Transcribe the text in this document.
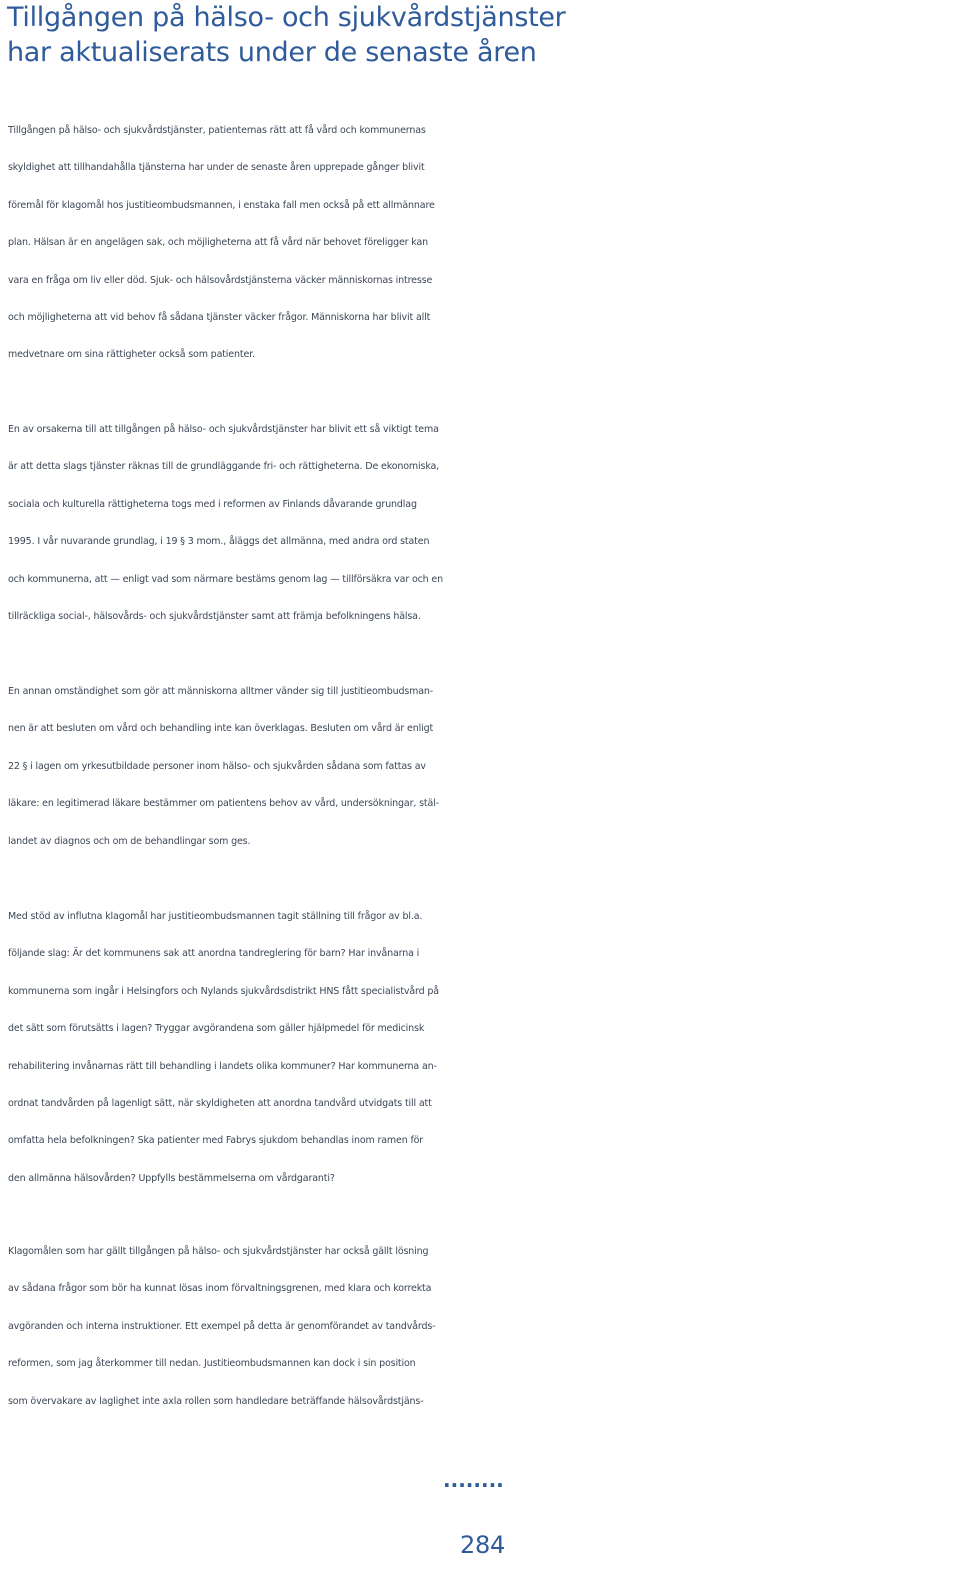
Tillgången på hälso- och sjukvårdstjänster
har aktualiserats under de senaste åren

Tillgången på hälso- och sjukvårdstjänster, patienternas rätt att få vård och kommunernas
skyldighet att tillhandahålla tjänsterna har under de senaste åren upprepade gånger blivit
föremål för klagomål hos justitieombudsmannen, i enstaka fall men också på ett allmännare
plan. Hälsan är en angelägen sak, och möjligheterna att få vård när behovet föreligger kan
vara en fråga om liv eller död. Sjuk- och hälsovårdstjänsterna väcker människornas intresse
och möjligheterna att vid behov få sådana tjänster väcker frågor. Människorna har blivit allt
medvetnare om sina rättigheter också som patienter.

En av orsakerna till att tillgången på hälso- och sjukvårdstjänster har blivit ett så viktigt tema
är att detta slags tjänster räknas till de grundläggande fri- och rättigheterna. De ekonomiska,
sociala och kulturella rättigheterna togs med i reformen av Finlands dåvarande grundlag
1995. I vår nuvarande grundlag, i 19 § 3 mom., åläggs det allmänna, med andra ord staten
och kommunerna, att — enligt vad som närmare bestäms genom lag — tillförsäkra var och en
tillräckliga social-, hälsovårds- och sjukvårdstjänster samt att främja befolkningens hälsa.

En annan omständighet som gör att människorna alltmer vänder sig till justitieombudsman-
nen är att besluten om vård och behandling inte kan överklagas. Besluten om vård är enligt
22 § i lagen om yrkesutbildade personer inom hälso- och sjukvården sådana som fattas av
läkare: en legitimerad läkare bestämmer om patientens behov av vård, undersökningar, stäl-
landet av diagnos och om de behandlingar som ges.

Med stöd av influtna klagomål har justitieombudsmannen tagit ställning till frågor av bl.a.
följande slag: Är det kommunens sak att anordna tandreglering för barn? Har invånarna i
kommunerna som ingår i Helsingfors och Nylands sjukvårdsdistrikt HNS fått specialistvård på
det sätt som förutsätts i lagen? Tryggar avgörandena som gäller hjälpmedel för medicinsk
rehabilitering invånarnas rätt till behandling i landets olika kommuner? Har kommunerna an-
ordnat tandvården på lagenligt sätt, när skyldigheten att anordna tandvård utvidgats till att
omfatta hela befolkningen? Ska patienter med Fabrys sjukdom behandlas inom ramen för
den allmänna hälsovården? Uppfylls bestämmelserna om vårdgaranti?

Klagomålen som har gällt tillgången på hälso- och sjukvårdstjänster har också gällt lösning
av sådana frågor som bör ha kunnat lösas inom förvaltningsgrenen, med klara och korrekta
avgöranden och interna instruktioner. Ett exempel på detta är genomförandet av tandvårds-
reformen, som jag återkommer till nedan. Justitieombudsmannen kan dock i sin position
som övervakare av laglighet inte axla rollen som handledare beträffande hälsovårdstjäns-

........
284
